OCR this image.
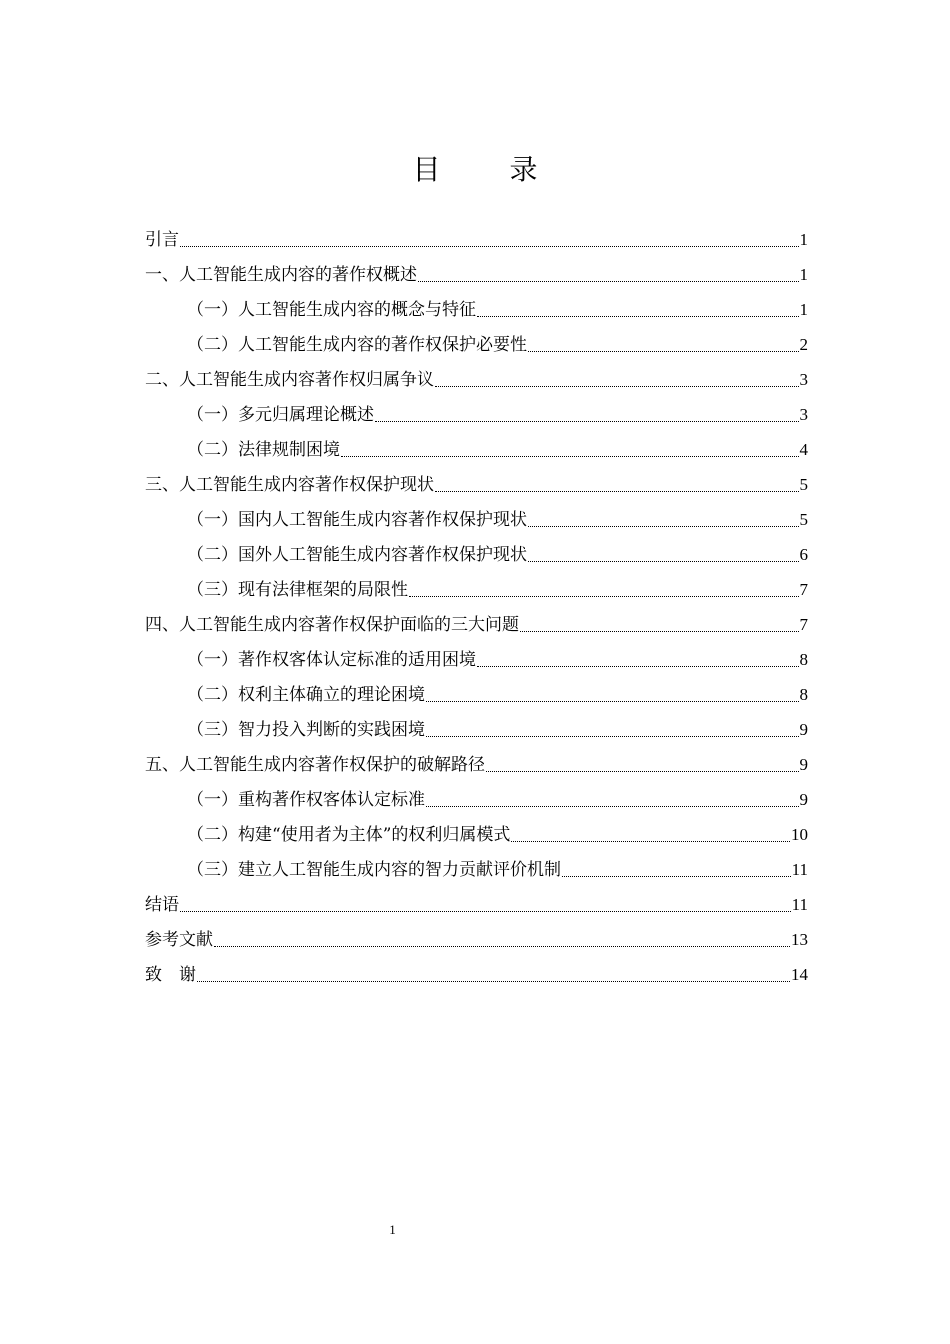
目 录
引言	1
一、人工智能生成内容的著作权概述	1
（一）人工智能生成内容的概念与特征	1
（二）人工智能生成内容的著作权保护必要性	2
二、人工智能生成内容著作权归属争议	3
（一）多元归属理论概述	3
（二）法律规制困境	4
三、人工智能生成内容著作权保护现状	5
（一）国内人工智能生成内容著作权保护现状	5
（二）国外人工智能生成内容著作权保护现状	6
（三）现有法律框架的局限性	7
四、人工智能生成内容著作权保护面临的三大问题	7
（一）著作权客体认定标准的适用困境	8
（二）权利主体确立的理论困境	8
（三）智力投入判断的实践困境	9
五、人工智能生成内容著作权保护的破解路径	9
（一）重构著作权客体认定标准	9
（二）构建“使用者为主体”的权利归属模式	10
（三）建立人工智能生成内容的智力贡献评价机制	11
结语	11
参考文献	13
致　谢	14
1
